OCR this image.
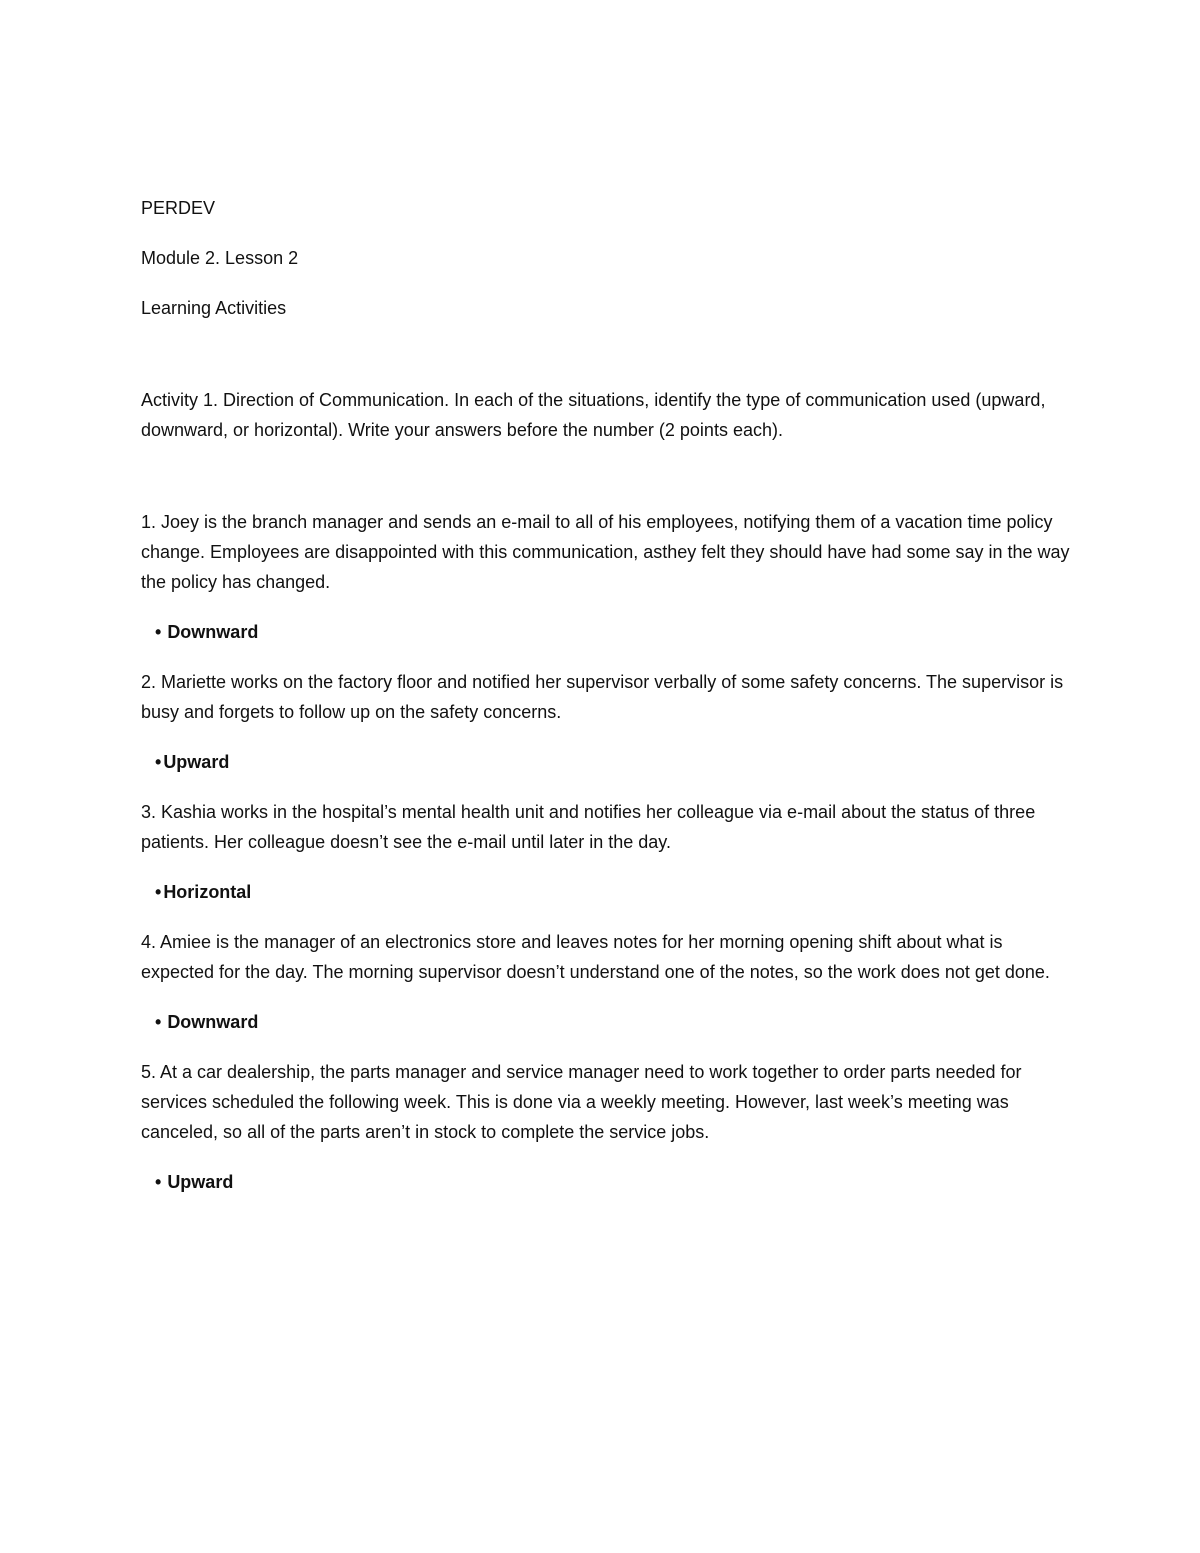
PERDEV

Module 2. Lesson 2

Learning Activities

Activity 1. Direction of Communication. In each of the situations, identify the type of communication used (upward, downward, or horizontal). Write your answers before the number (2 points each).

1. Joey is the branch manager and sends an e-mail to all of his employees, notifying them of a vacation time policy change. Employees are disappointed with this communication, asthey felt they should have had some say in the way the policy has changed.

• Downward

2. Mariette works on the factory floor and notified her supervisor verbally of some safety concerns. The supervisor is busy and forgets to follow up on the safety concerns.

• Upward

3. Kashia works in the hospital’s mental health unit and notifies her colleague via e-mail about the status of three patients. Her colleague doesn’t see the e-mail until later in the day.

• Horizontal

4. Amiee is the manager of an electronics store and leaves notes for her morning opening shift about what is expected for the day. The morning supervisor doesn’t understand one of the notes, so the work does not get done.

• Downward

5. At a car dealership, the parts manager and service manager need to work together to order parts needed for services scheduled the following week. This is done via a weekly meeting. However, last week’s meeting was canceled, so all of the parts aren’t in stock to complete the service jobs.

• Upward
